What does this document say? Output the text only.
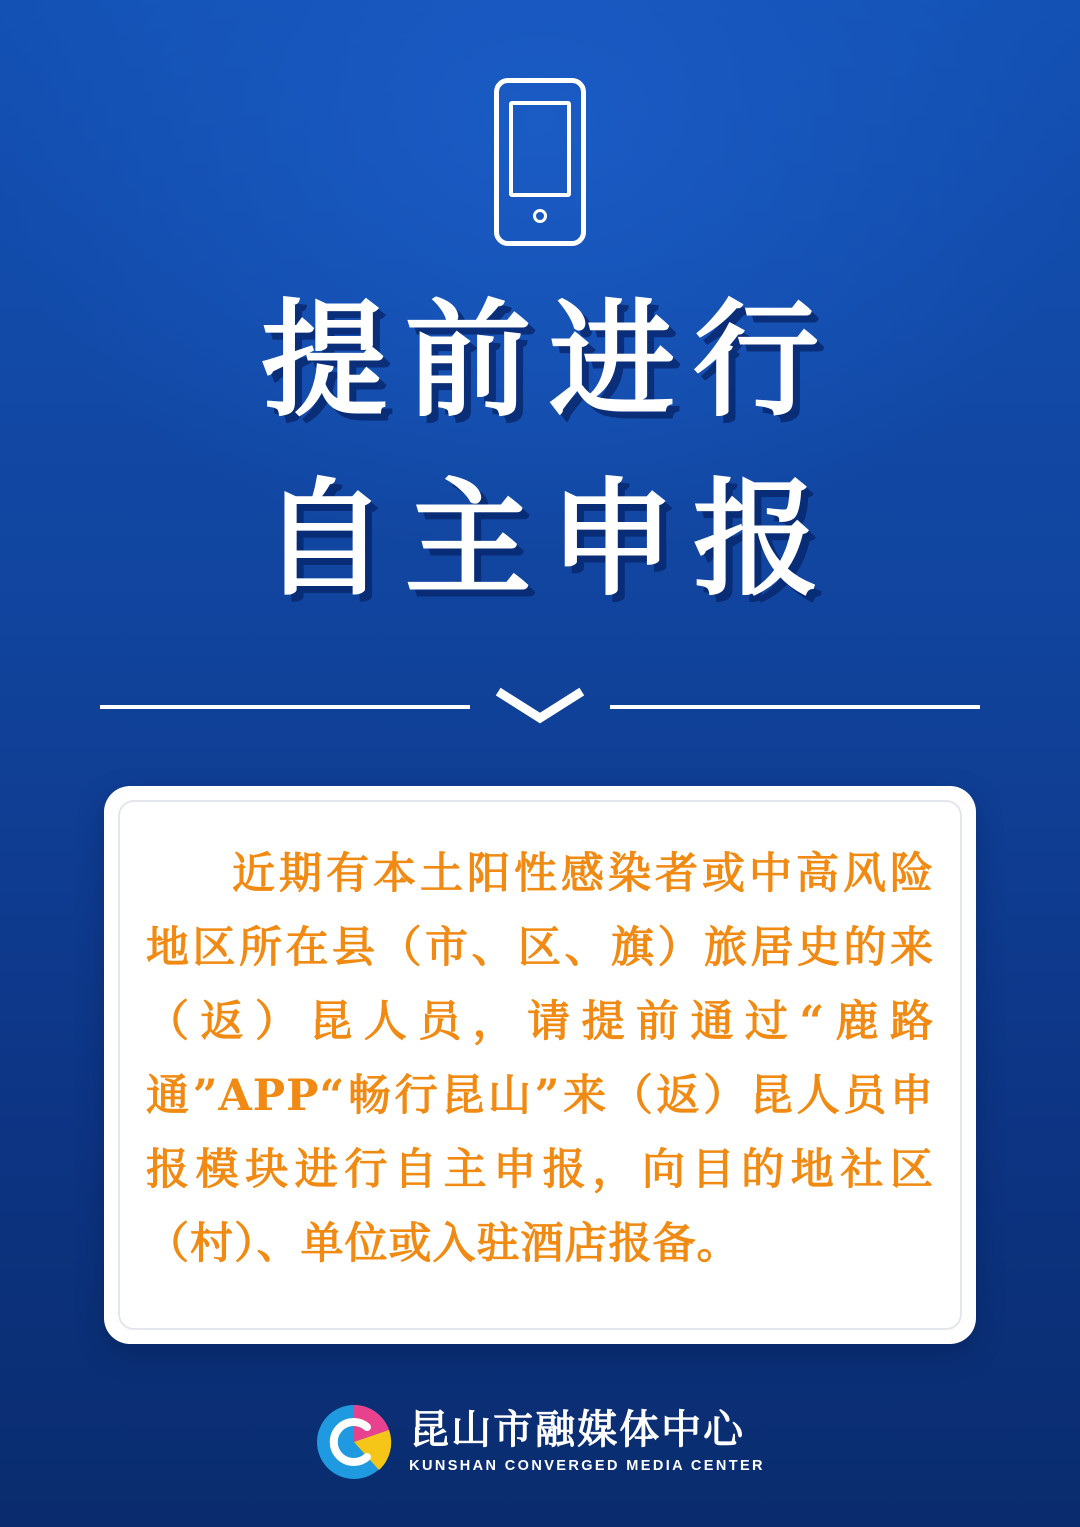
提前进行
自主申报
近期有本土阳性感染者或中高风险地区所在县（市、区、旗）旅居史的来（返）昆人员，请提前通过“鹿路通”APP“畅行昆山”来（返）昆人员申报模块进行自主申报，向目的地社区（村）、单位或入驻酒店报备。
昆山市融媒体中心
KUNSHAN CONVERGED MEDIA CENTER
